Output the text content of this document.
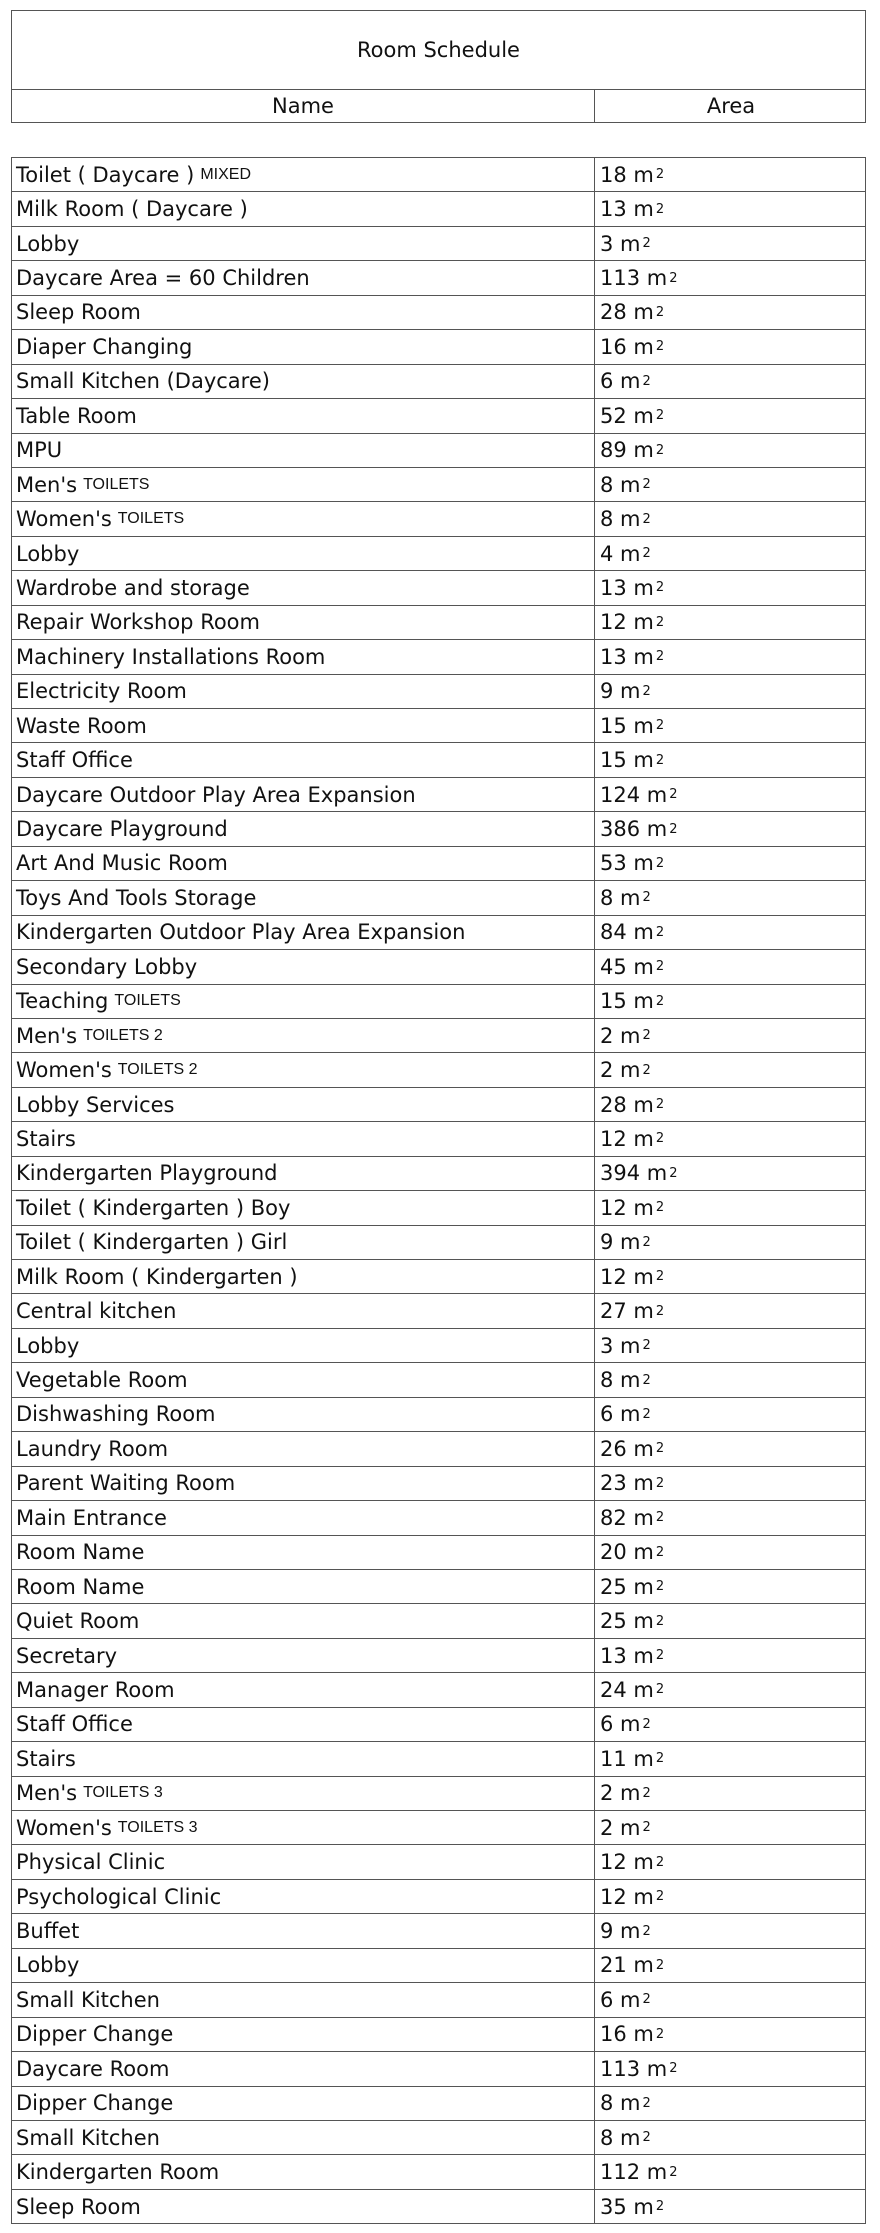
Room Schedule
Name	Area
Toilet ( Daycare ) MIXED	18 m 2
Milk Room ( Daycare )	13 m 2
Lobby	3 m 2
Daycare Area = 60 Children	113 m 2
Sleep Room	28 m 2
Diaper Changing	16 m 2
Small Kitchen (Daycare)	6 m 2
Table Room	52 m 2
MPU	89 m 2
Men's TOILETS	8 m 2
Women's TOILETS	8 m 2
Lobby	4 m 2
Wardrobe and storage	13 m 2
Repair Workshop Room	12 m 2
Machinery Installations Room	13 m 2
Electricity Room	9 m 2
Waste Room	15 m 2
Staff Office	15 m 2
Daycare Outdoor Play Area Expansion	124 m 2
Daycare Playground	386 m 2
Art And Music Room	53 m 2
Toys And Tools Storage	8 m 2
Kindergarten Outdoor Play Area Expansion	84 m 2
Secondary Lobby	45 m 2
Teaching TOILETS	15 m 2
Men's TOILETS 2	2 m 2
Women's TOILETS 2	2 m 2
Lobby Services	28 m 2
Stairs	12 m 2
Kindergarten Playground	394 m 2
Toilet ( Kindergarten ) Boy	12 m 2
Toilet ( Kindergarten ) Girl	9 m 2
Milk Room ( Kindergarten )	12 m 2
Central kitchen	27 m 2
Lobby	3 m 2
Vegetable Room	8 m 2
Dishwashing Room	6 m 2
Laundry Room	26 m 2
Parent Waiting Room	23 m 2
Main Entrance	82 m 2
Room Name	20 m 2
Room Name	25 m 2
Quiet Room	25 m 2
Secretary	13 m 2
Manager Room	24 m 2
Staff Office	6 m 2
Stairs	11 m 2
Men's TOILETS 3	2 m 2
Women's TOILETS 3	2 m 2
Physical Clinic	12 m 2
Psychological Clinic	12 m 2
Buffet	9 m 2
Lobby	21 m 2
Small Kitchen	6 m 2
Dipper Change	16 m 2
Daycare Room	113 m 2
Dipper Change	8 m 2
Small Kitchen	8 m 2
Kindergarten Room	112 m 2
Sleep Room	35 m 2
